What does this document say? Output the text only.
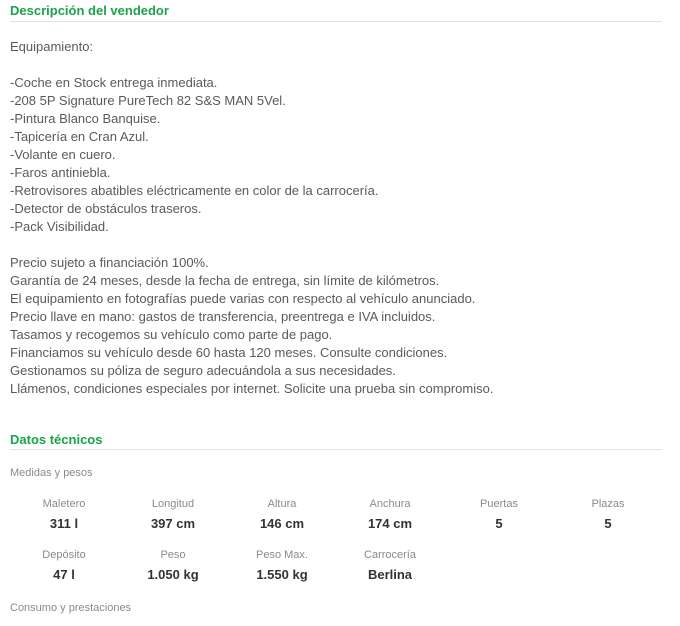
Descripción del vendedor
Equipamiento:
-Coche en Stock entrega inmediata.
-208 5P Signature PureTech 82 S&S MAN 5Vel.
-Pintura Blanco Banquise.
-Tapicería en Cran Azul.
-Volante en cuero.
-Faros antiniebla.
-Retrovisores abatibles eléctricamente en color de la carrocería.
-Detector de obstáculos traseros.
-Pack Visibilidad.
Precio sujeto a financiación 100%.
Garantía de 24 meses, desde la fecha de entrega, sin límite de kilómetros.
El equipamiento en fotografías puede varias con respecto al vehículo anunciado.
Precio llave en mano: gastos de transferencia, preentrega e IVA incluidos.
Tasamos y recogemos su vehículo como parte de pago.
Financiamos su vehículo desde 60 hasta 120 meses. Consulte condiciones.
Gestionamos su póliza de seguro adecuándola a sus necesidades.
Llámenos, condiciones especiales por internet. Solicite una prueba sin compromiso.
Datos técnicos
Medidas y pesos
Maletero
311 l
Longitud
397 cm
Altura
146 cm
Anchura
174 cm
Puertas
5
Plazas
5
Depósito
47 l
Peso
1.050 kg
Peso Max.
1.550 kg
Carrocería
Berlina
Consumo y prestaciones
